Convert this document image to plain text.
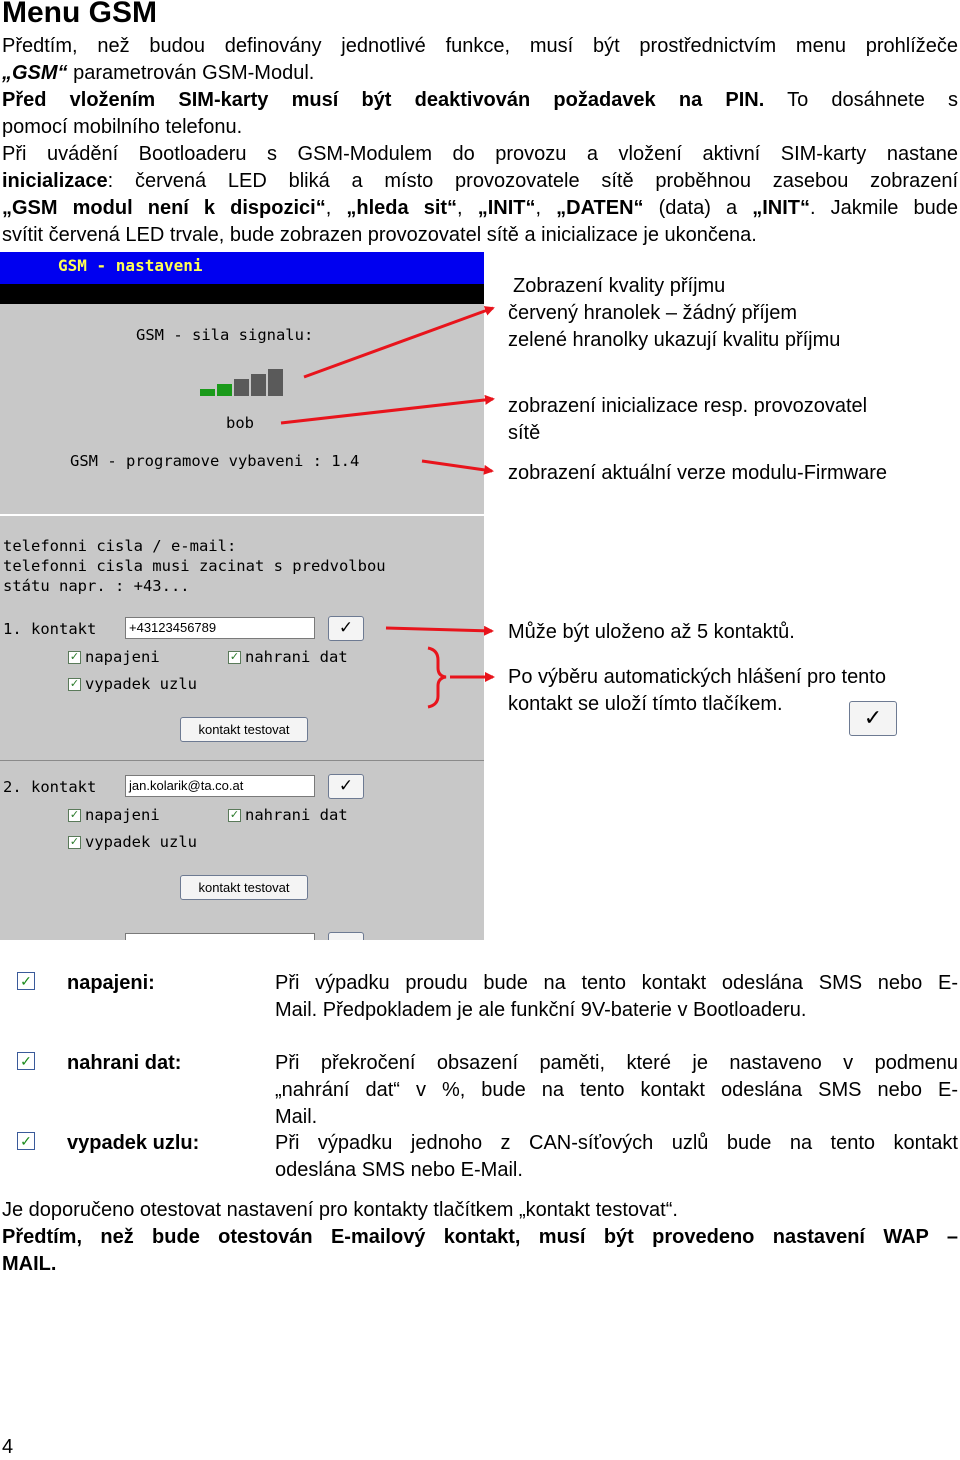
Menu GSM

Předtím, než budou definovány jednotlivé funkce, musí být prostřednictvím menu prohlížeče

„GSM“ parametrován GSM-Modul.

Před vložením SIM-karty musí být deaktivován požadavek na PIN. To dosáhnete s

pomocí mobilního telefonu.

Při uvádění Bootloaderu s GSM-Modulem do provozu a vložení aktivní SIM-karty nastane

inicializace: červená LED bliká a místo provozovatele sítě proběhnou zasebou zobrazení

„GSM modul není k dispozici“, „hleda sit“, „INIT“, „DATEN“ (data) a „INIT“. Jakmile bude

svítit červená LED trvale, bude zobrazen provozovatel sítě a inicializace je ukončena.

GSM - nastaveni
GSM - sila signalu:
bob
GSM - programove vybaveni : 1.4
Zobrazení kvality příjmu
červený hranolek – žádný příjem
zelené hranolky ukazují kvalitu příjmu
zobrazení inicializace resp. provozovatel
sítě
zobrazení aktuální verze modulu-Firmware
telefonni cisla / e-mail:
telefonni cisla musi zacinat s predvolbou
státu napr. : +43...
1. kontakt	+43123456789	✓
✓ napajeni	✓ nahrani dat
✓ vypadek uzlu
kontakt testovat
2. kontakt	jan.kolarik@ta.co.at	✓
✓ napajeni	✓ nahrani dat
✓ vypadek uzlu
kontakt testovat
Může být uloženo až 5 kontaktů.
Po výběru automatických hlášení pro tento
kontakt se uloží tímto tlačíkem.
✓
✓ napajeni:	Při výpadku proudu bude na tento kontakt odeslána SMS nebo E-
Mail. Předpokladem je ale funkční 9V-baterie v Bootloaderu.
✓ nahrani dat:	Při překročení obsazení paměti, které je nastaveno v podmenu
„nahrání dat“ v %, bude na tento kontakt odeslána SMS nebo E-
Mail.
✓ vypadek uzlu:	Při výpadku jednoho z CAN-síťových uzlů bude na tento kontakt
odeslána SMS nebo E-Mail.

Je doporučeno otestovat nastavení pro kontakty tlačítkem „kontakt testovat“.

Předtím, než bude otestován E-mailový kontakt, musí být provedeno nastavení WAP –

MAIL.

4
